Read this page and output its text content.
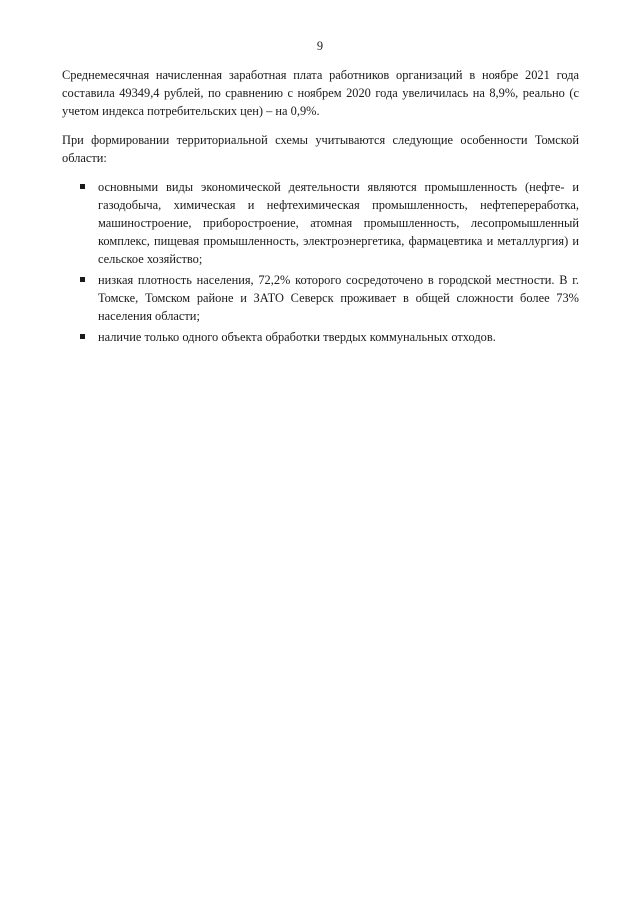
9

Среднемесячная начисленная заработная плата работников организаций в ноябре 2021 года составила 49349,4 рублей, по сравнению с ноябрем 2020 года увеличилась на 8,9%, реально (с учетом индекса потребительских цен) – на 0,9%.

При формировании территориальной схемы учитываются следующие особенности Томской области:

основными виды экономической деятельности являются промышленность (нефте- и газодобыча, химическая и нефтехимическая промышленность, нефтепереработка, машиностроение, приборостроение, атомная промышленность, лесопромышленный комплекс, пищевая промышленность, электроэнергетика, фармацевтика и металлургия) и сельское хозяйство;
низкая плотность населения, 72,2% которого сосредоточено в городской местности. В г. Томске, Томском районе и ЗАТО Северск проживает в общей сложности более 73% населения области;
наличие только одного объекта обработки твердых коммунальных отходов.
